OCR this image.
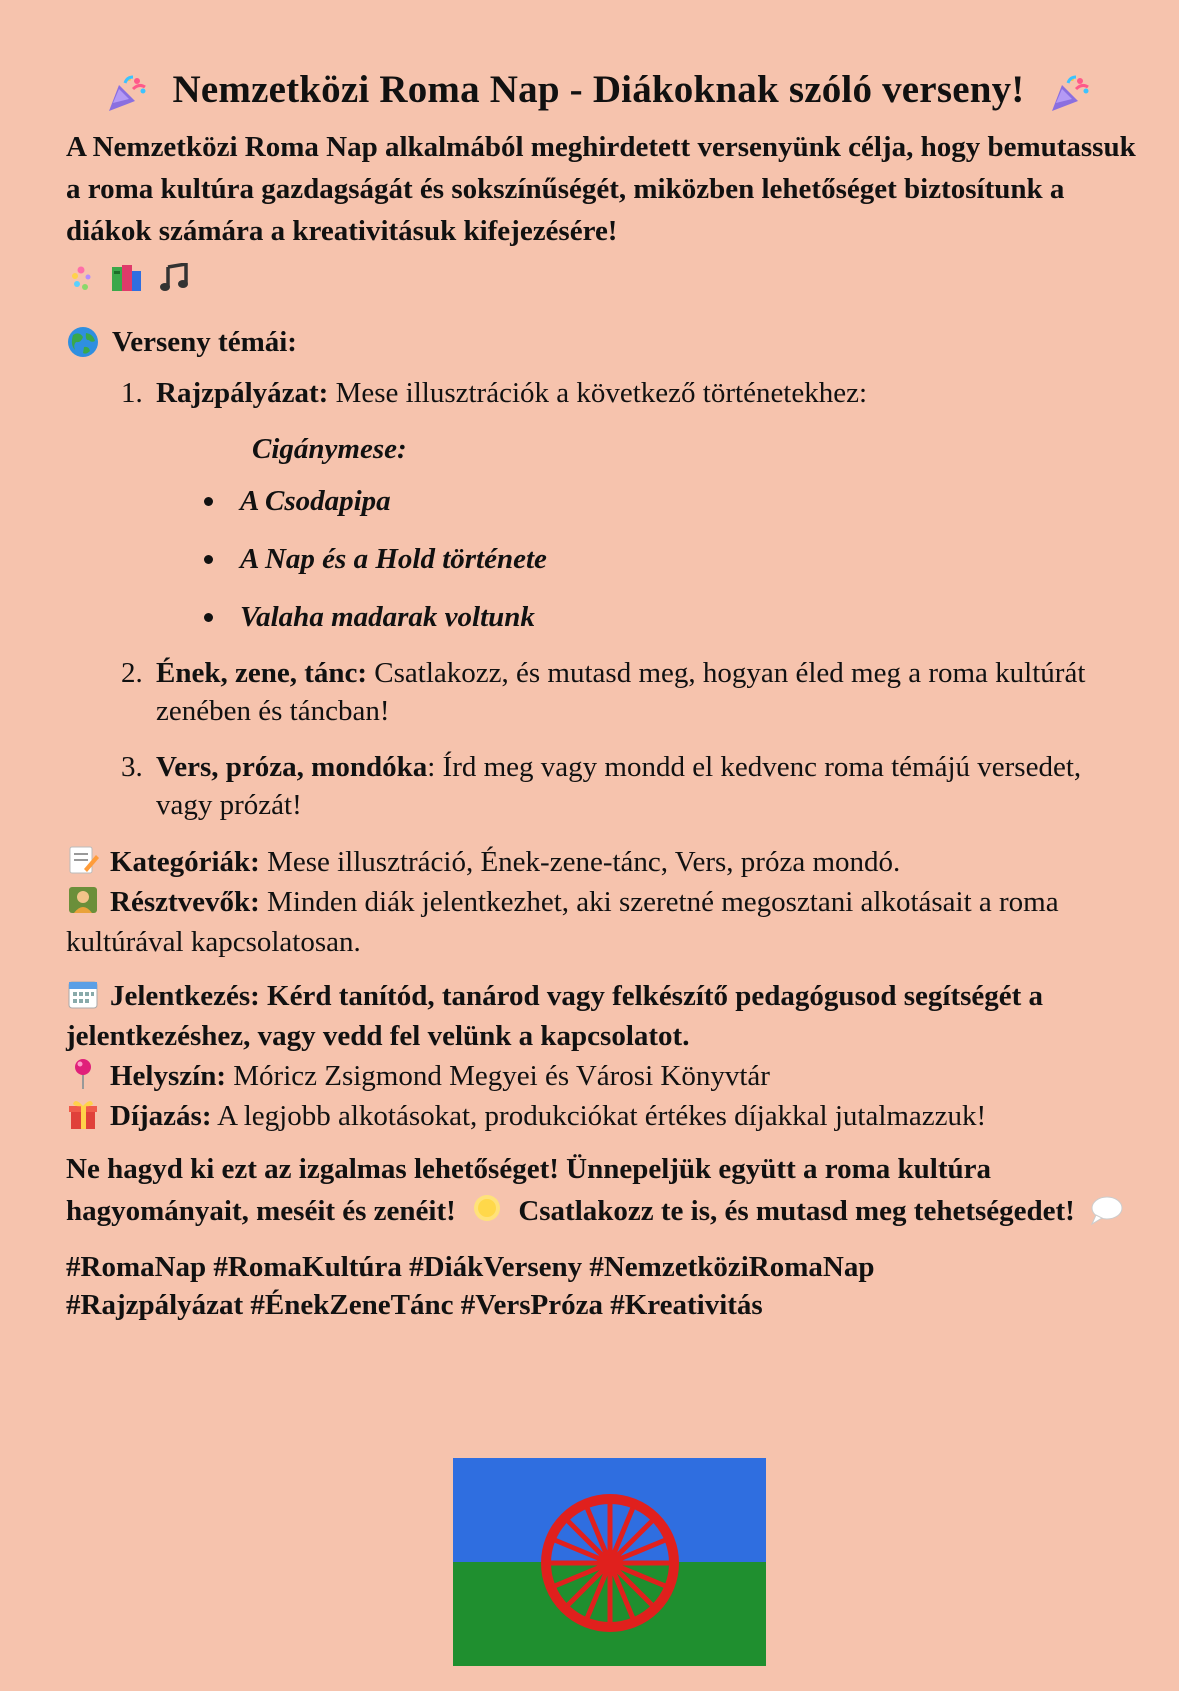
Nemzetközi Roma Nap - Diákoknak szóló verseny!
A Nemzetközi Roma Nap alkalmából meghirdetett versenyünk célja, hogy bemutassuk a roma kultúra gazdagságát és sokszínűségét, miközben lehetőséget biztosítunk a diákok számára a kreativitásuk kifejezésére!
Verseny témái:
1. Rajzpályázat: Mese illusztrációk a következő történetekhez:
Cigánymese:
A Csodapipa
A Nap és a Hold története
Valaha madarak voltunk
2. Ének, zene, tánc: Csatlakozz, és mutasd meg, hogyan éled meg a roma kultúrát zenében és táncban!
3. Vers, próza, mondóka: Írd meg vagy mondd el kedvenc roma témájú versedet, vagy prózát!
Kategóriák: Mese illusztráció, Ének-zene-tánc, Vers, próza mondó.
Résztvevők: Minden diák jelentkezhet, aki szeretné megosztani alkotásait a roma kultúrával kapcsolatosan.
Jelentkezés: Kérd tanítód, tanárod vagy felkészítő pedagógusod segítségét a jelentkezéshez, vagy vedd fel velünk a kapcsolatot.
Helyszín: Móricz Zsigmond Megyei és Városi Könyvtár
Díjazás: A legjobb alkotásokat, produkciókat értékes díjakkal jutalmazzuk!
Ne hagyd ki ezt az izgalmas lehetőséget! Ünnepeljük együtt a roma kultúra hagyományait, meséit és zenéit! Csatlakozz te is, és mutasd meg tehetségedet!
#RomaNap #RomaKultúra #DiákVerseny #NemzetköziRomaNap
#Rajzpályázat #ÉnekZeneTánc #VersPróza #Kreativitás
